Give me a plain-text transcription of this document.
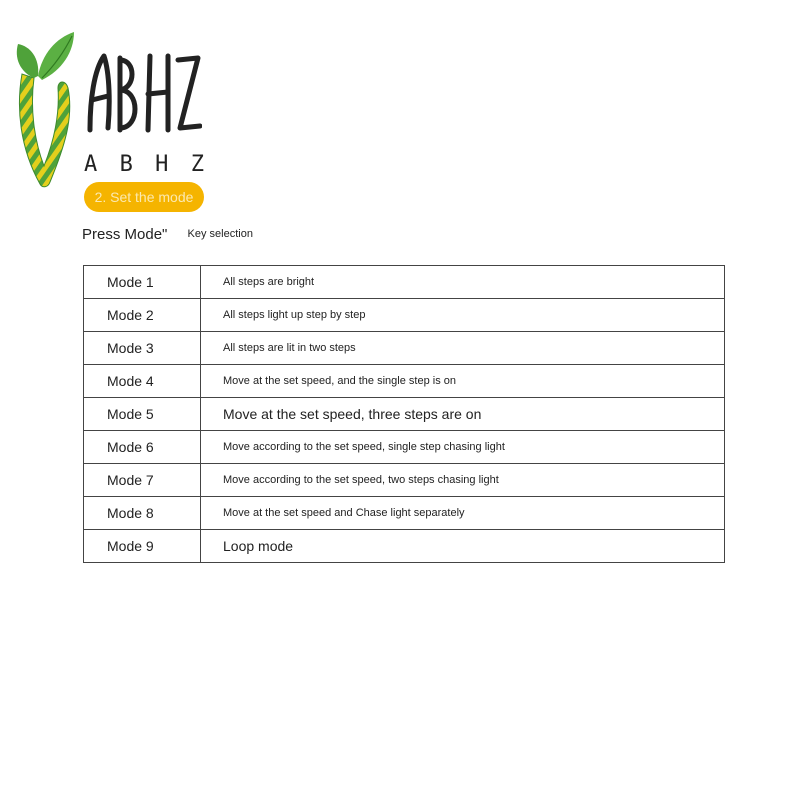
A B H Z
2. Set the mode
Press Mode" Key selection
Mode 1	All steps are bright
Mode 2	All steps light up step by step
Mode 3	All steps are lit in two steps
Mode 4	Move at the set speed, and the single step is on
Mode 5	Move at the set speed, three steps are on
Mode 6	Move according to the set speed, single step chasing light
Mode 7	Move according to the set speed, two steps chasing light
Mode 8	Move at the set speed and Chase light separately
Mode 9	Loop mode
